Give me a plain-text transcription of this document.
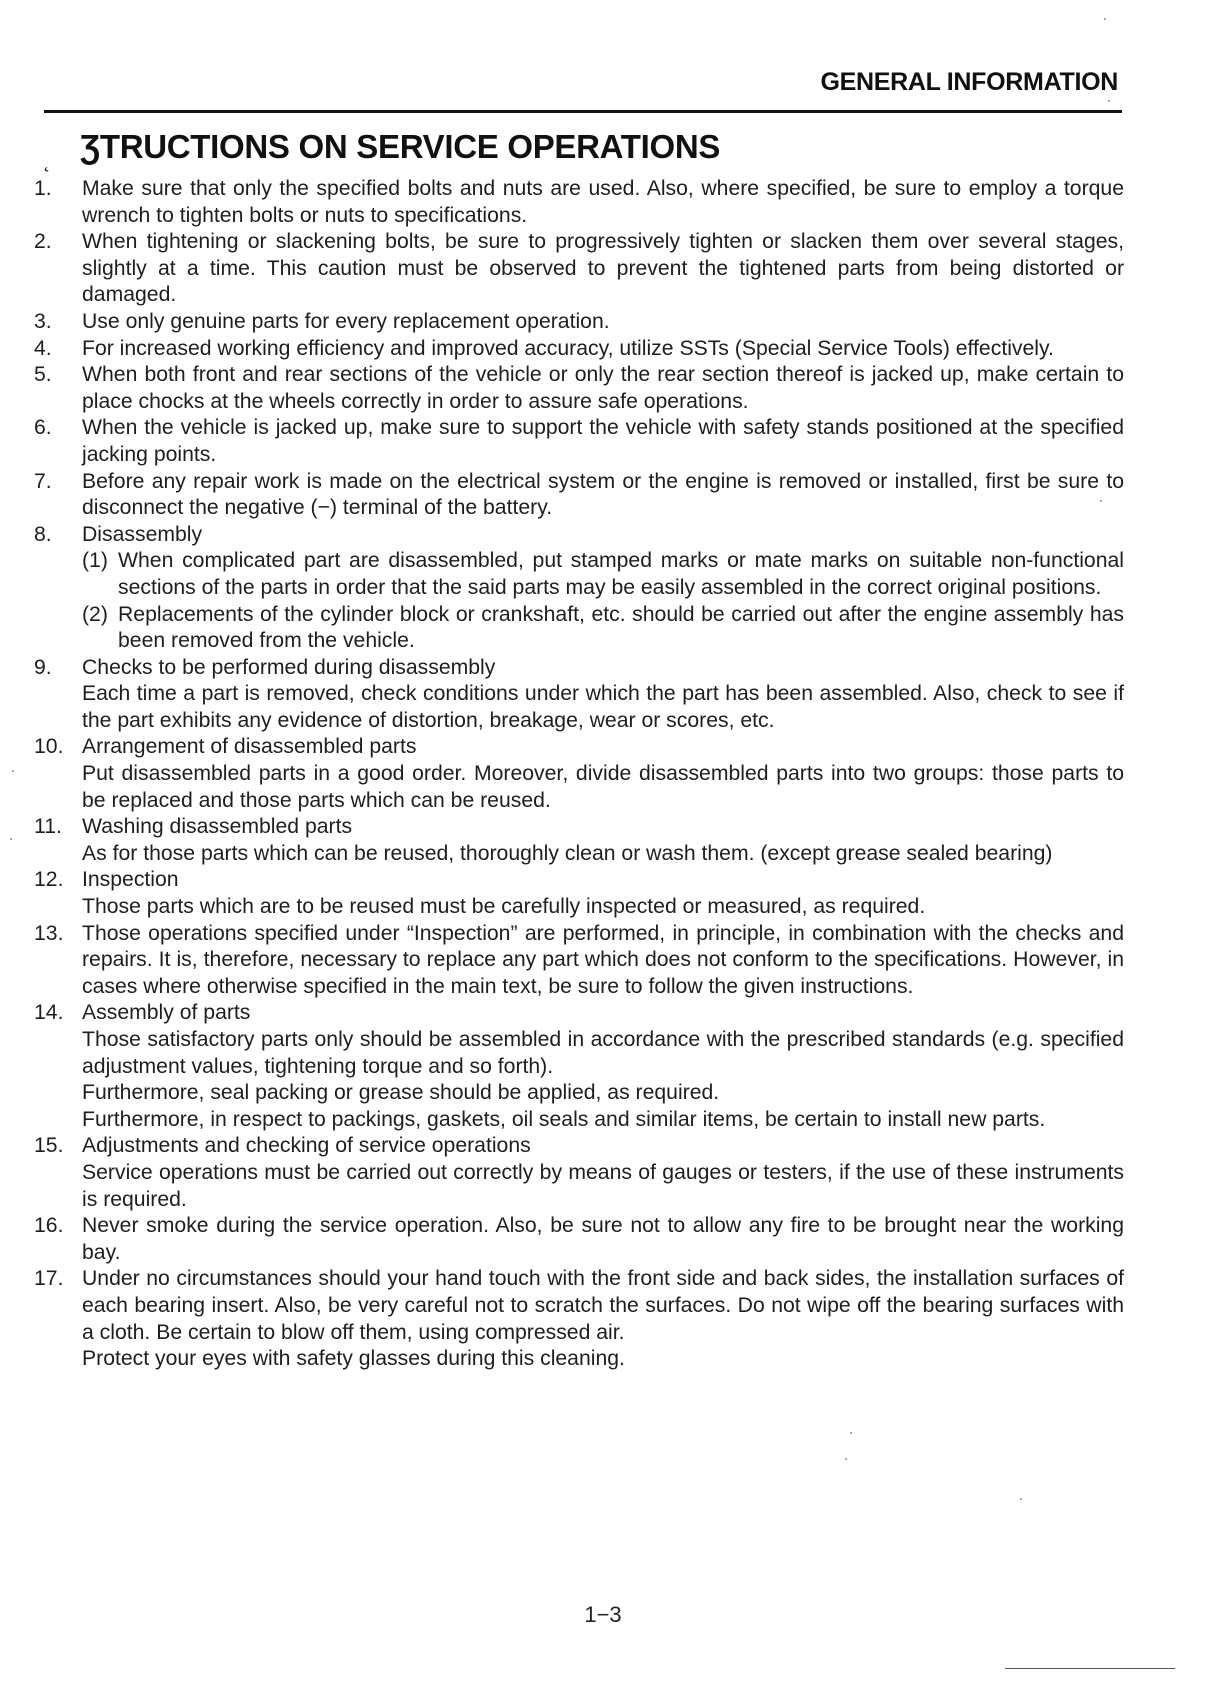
GENERAL INFORMATION
˛ ƷTRUCTIONS ON SERVICE OPERATIONS
1.	Make sure that only the specified bolts and nuts are used. Also, where specified, be sure to employ a torque wrench to tighten bolts or nuts to specifications.

2.	When tightening or slackening bolts, be sure to progressively tighten or slacken them over several stages, slightly at a time. This caution must be observed to prevent the tightened parts from being distorted or damaged.

3.	Use only genuine parts for every replacement operation.

4.	For increased working efficiency and improved accuracy, utilize SSTs (Special Service Tools) effectively.

5.	When both front and rear sections of the vehicle or only the rear section thereof is jacked up, make certain to place chocks at the wheels correctly in order to assure safe operations.

6.	When the vehicle is jacked up, make sure to support the vehicle with safety stands positioned at the specified jacking points.

7.	Before any repair work is made on the electrical system or the engine is removed or installed, first be sure to disconnect the negative (−) terminal of the battery.

8.	Disassembly

(1) When complicated part are disassembled, put stamped marks or mate marks on suitable non-functional sections of the parts in order that the said parts may be easily assembled in the correct original positions.

(2) Replacements of the cylinder block or crankshaft, etc. should be carried out after the engine assembly has been removed from the vehicle.

9.	Checks to be performed during disassembly

Each time a part is removed, check conditions under which the part has been assembled. Also, check to see if the part exhibits any evidence of distortion, breakage, wear or scores, etc.

10. Arrangement of disassembled parts

Put disassembled parts in a good order. Moreover, divide disassembled parts into two groups: those parts to be replaced and those parts which can be reused.

11. Washing disassembled parts

As for those parts which can be reused, thoroughly clean or wash them. (except grease sealed bearing)

12. Inspection

Those parts which are to be reused must be carefully inspected or measured, as required.

13. Those operations specified under “Inspection” are performed, in principle, in combination with the checks and repairs. It is, therefore, necessary to replace any part which does not conform to the specifications. However, in cases where otherwise specified in the main text, be sure to follow the given instructions.

14. Assembly of parts

Those satisfactory parts only should be assembled in accordance with the prescribed standards (e.g. specified adjustment values, tightening torque and so forth).

Furthermore, seal packing or grease should be applied, as required.

Furthermore, in respect to packings, gaskets, oil seals and similar items, be certain to install new parts.

15. Adjustments and checking of service operations

Service operations must be carried out correctly by means of gauges or testers, if the use of these instruments is required.

16. Never smoke during the service operation. Also, be sure not to allow any fire to be brought near the working bay.

17. Under no circumstances should your hand touch with the front side and back sides, the installation surfaces of each bearing insert. Also, be very careful not to scratch the surfaces. Do not wipe off the bearing surfaces with a cloth. Be certain to blow off them, using compressed air.

Protect your eyes with safety glasses during this cleaning.

1−3
